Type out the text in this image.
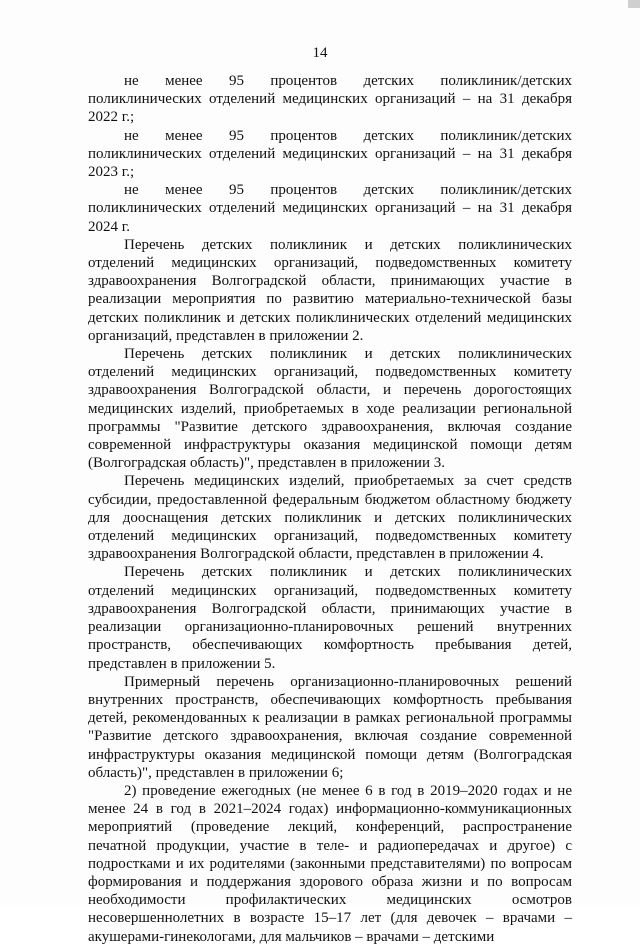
14

не менее 95 процентов детских поликлиник/детских поликлинических отделений медицинских организаций – на 31 декабря 2022 г.;

не менее 95 процентов детских поликлиник/детских поликлинических отделений медицинских организаций – на 31 декабря 2023 г.;

не менее 95 процентов детских поликлиник/детских поликлинических отделений медицинских организаций – на 31 декабря 2024 г.

Перечень детских поликлиник и детских поликлинических отделений медицинских организаций, подведомственных комитету здравоохранения Волгоградской области, принимающих участие в реализации мероприятия по развитию материально-технической базы детских поликлиник и детских поликлинических отделений медицинских организаций, представлен в приложении 2.

Перечень детских поликлиник и детских поликлинических отделений медицинских организаций, подведомственных комитету здравоохранения Волгоградской области, и перечень дорогостоящих медицинских изделий, приобретаемых в ходе реализации региональной программы "Развитие детского здравоохранения, включая создание современной инфраструктуры оказания медицинской помощи детям (Волгоградская область)", представлен в приложении 3.

Перечень медицинских изделий, приобретаемых за счет средств субсидии, предоставленной федеральным бюджетом областному бюджету для дооснащения детских поликлиник и детских поликлинических отделений медицинских организаций, подведомственных комитету здравоохранения Волгоградской области, представлен в приложении 4.

Перечень детских поликлиник и детских поликлинических отделений медицинских организаций, подведомственных комитету здравоохранения Волгоградской области, принимающих участие в реализации организационно-планировочных решений внутренних пространств, обеспечивающих комфортность пребывания детей, представлен в приложении 5.

Примерный перечень организационно-планировочных решений внутренних пространств, обеспечивающих комфортность пребывания детей, рекомендованных к реализации в рамках региональной программы "Развитие детского здравоохранения, включая создание современной инфраструктуры оказания медицинской помощи детям (Волгоградская область)", представлен в приложении 6;

2) проведение ежегодных (не менее 6 в год в 2019–2020 годах и не менее 24 в год в 2021–2024 годах) информационно-коммуникационных мероприятий (проведение лекций, конференций, распространение печатной продукции, участие в теле- и радиопередачах и другое) с подростками и их родителями (законными представителями) по вопросам формирования и поддержания здорового образа жизни и по вопросам необходимости профилактических медицинских осмотров несовершеннолетних в возрасте 15–17 лет (для девочек – врачами – акушерами-гинекологами, для мальчиков – врачами – детскими
